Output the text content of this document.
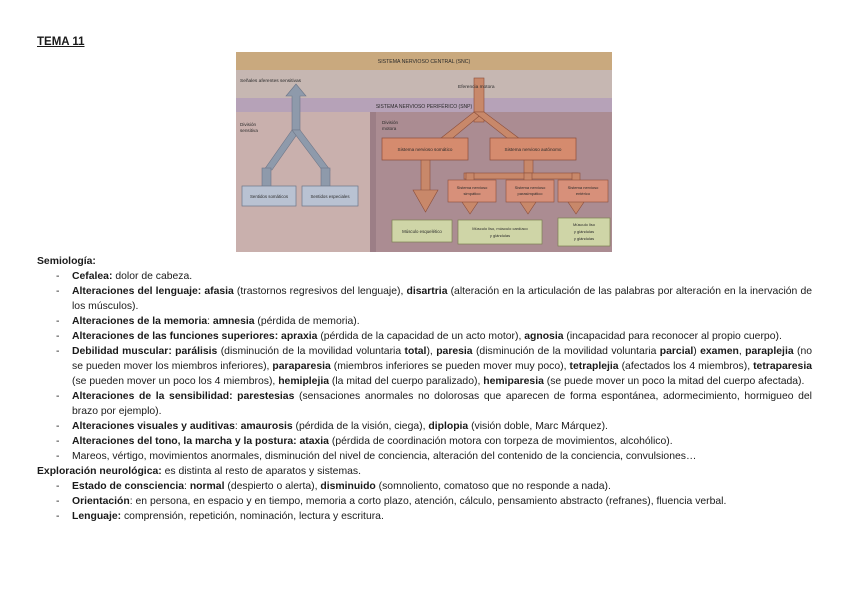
TEMA 11
SISTEMA NERVIOSO CENTRAL (SNC)
Señales aferentes sensitivas
Eferencia motora
SISTEMA NERVIOSO PERIFÉRICO (SNP)
División
sensitiva
División
motora
Sistema nervioso somático	Sistema nervioso autónomo
Sentidos somáticos	Sentidos especiales
Sistema nervioso
simpático
Sistema nervioso
parasimpático
Sistema nervioso
entérico
Músculo esquelético
Músculo liso, músculo cardíaco
y glándulas
Músculo liso
y glándulas
y glándulas
Semiología:
- Cefalea: dolor de cabeza.
- Alteraciones del lenguaje: afasia (trastornos regresivos del lenguaje), disartria (alteración en la articulación de las palabras por alteración en la inervación de los músculos).
- Alteraciones de la memoria: amnesia (pérdida de memoria).
- Alteraciones de las funciones superiores: apraxia (pérdida de la capacidad de un acto motor), agnosia (incapacidad para reconocer al propio cuerpo).
- Debilidad muscular: parálisis (disminución de la movilidad voluntaria total), paresia (disminución de la movilidad voluntaria parcial) examen, paraplejia (no se pueden mover los miembros inferiores), paraparesia (miembros inferiores se pueden mover muy poco), tetraplejia (afectados los 4 miembros), tetraparesia (se pueden mover un poco los 4 miembros), hemiplejia (la mitad del cuerpo paralizado), hemiparesia (se puede mover un poco la mitad del cuerpo afectada).
- Alteraciones de la sensibilidad: parestesias (sensaciones anormales no dolorosas que aparecen de forma espontánea, adormecimiento, hormigueo del brazo por ejemplo).
- Alteraciones visuales y auditivas: amaurosis (pérdida de la visión, ciega), diplopia (visión doble, Marc Márquez).
- Alteraciones del tono, la marcha y la postura: ataxia (pérdida de coordinación motora con torpeza de movimientos, alcohólico).
- Mareos, vértigo, movimientos anormales, disminución del nivel de conciencia, alteración del contenido de la conciencia, convulsiones…
Exploración neurológica: es distinta al resto de aparatos y sistemas.
- Estado de consciencia: normal (despierto o alerta), disminuido (somnoliento, comatoso que no responde a nada).
- Orientación: en persona, en espacio y en tiempo, memoria a corto plazo, atención, cálculo, pensamiento abstracto (refranes), fluencia verbal.
- Lenguaje: comprensión, repetición, nominación, lectura y escritura.
